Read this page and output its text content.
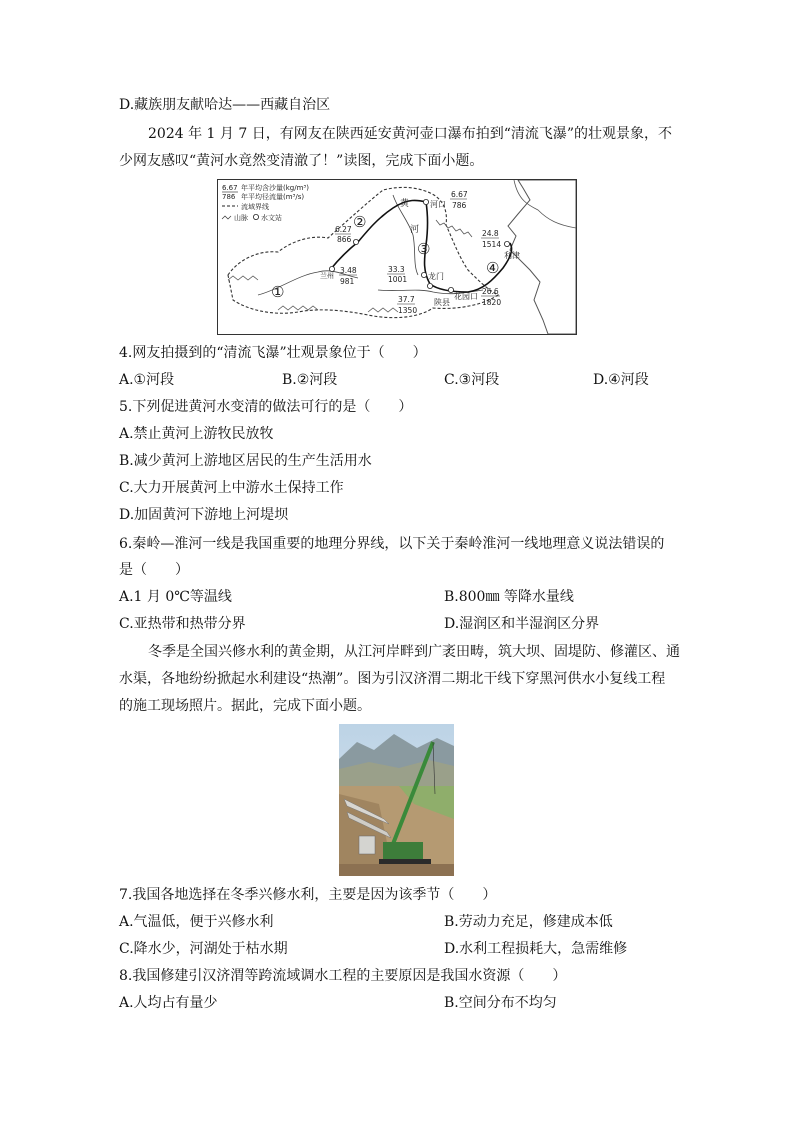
D.藏族朋友献哈达——西藏自治区
2024 年 1 月 7 日，有网友在陕西延安黄河壶口瀑布拍到“清流飞瀑”的壮观景象，不
少网友感叹“黄河水竟然变清澈了！”读图，完成下面小题。
6.67
786
年平均含沙量(kg/m³)
年平均径流量(m³/s)
流域界线
山脉 水文站
黄
河
①
②
③
④
兰州
河口
龙门
陕县
花园口
利津
6.27
866
3.48
981
6.67
786
33.3
1001
37.7
1350
26.6
1820
24.8
1514
4.网友拍摄到的“清流飞瀑”壮观景象位于（　　）
A.①河段	B.②河段	C.③河段	D.④河段
5.下列促进黄河水变清的做法可行的是（　　）
A.禁止黄河上游牧民放牧
B.减少黄河上游地区居民的生产生活用水
C.大力开展黄河上中游水土保持工作
D.加固黄河下游地上河堤坝
6.秦岭—淮河一线是我国重要的地理分界线，以下关于秦岭淮河一线地理意义说法错误的
是（　　）
A.1 月 0℃等温线	B.800㎜ 等降水量线
C.亚热带和热带分界	D.湿润区和半湿润区分界
冬季是全国兴修水利的黄金期，从江河岸畔到广袤田畴，筑大坝、固堤防、修灌区、通
水渠，各地纷纷掀起水利建设“热潮”。图为引汉济渭二期北干线下穿黑河供水小复线工程
的施工现场照片。据此，完成下面小题。
7.我国各地选择在冬季兴修水利，主要是因为该季节（　　）
A.气温低，便于兴修水利	B.劳动力充足，修建成本低
C.降水少，河湖处于枯水期	D.水利工程损耗大，急需维修
8.我国修建引汉济渭等跨流域调水工程的主要原因是我国水资源（　　）
A.人均占有量少	B.空间分布不均匀
